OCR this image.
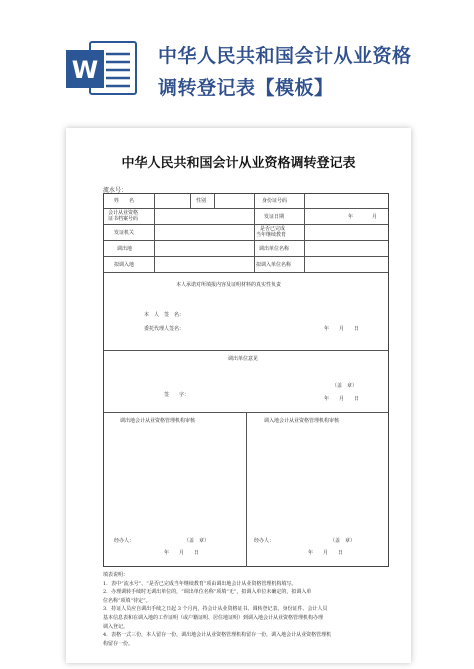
W	中华人民共和国会计从业资格
调转登记表【模板】
中华人民共和国会计从业资格调转登记表
流水号：
姓　　名	性别	身份证号码
会计从业资格
证书档案号码	发证日期	年	月
发证机关
是否已完成
当年继续教育
调出地	调出单位名称
拟调入地	拟调入单位名称
本人承诺对所填报内容及证明材料的真实性负责
本　人　签　名：
委托代理人签名：	年　　月　　日
调出单位意见
（盖　章）
签　　字：
年　　月　　日
调出地会计从业资格管理机构审核	调入地会计从业资格管理机构审核
经办人：	（盖　章）
年　　月　　日
经办人：	（盖　章）
年　　月　　日
填表说明：
1．表中“流水号”、“是否已完成当年继续教育”项由调出地会计从业资格管理机构填写。
2．办理调转手续时无调出单位的，“调出单位名称”项填“无”，拟调入单位未确定的，拟调入单
位名称”项填“待定”。
3．持证人员应自调出手续之日起 3 个月内，持会计从业资格证书、调转登记表、身份证件、会计人员
基本信息表和在调入地的工作证明（或户籍证明、居住地证明）到调入地会计从业资格管理机构办理
调入登记。
4．表格一式三份，本人留存一份，调出地会计从业资格管理机构留存一份，调入地会计从业资格管理机
构留存一份。
